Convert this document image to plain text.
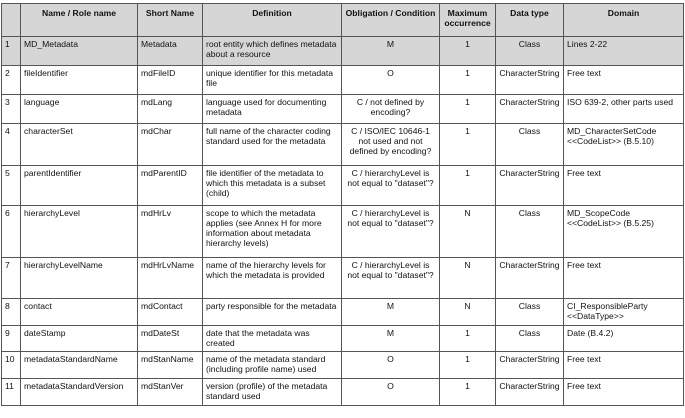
	Name / Role name	Short Name	Definition	Obligation / Condition	Maximum occurrence	Data type	Domain
1	MD_Metadata	Metadata	root entity which defines metadata about a resource	M	1	Class	Lines 2-22
2	fileIdentifier	mdFileID	unique identifier for this metadata file	O	1	CharacterString	Free text
3	language	mdLang	language used for documenting metadata	C / not defined by encoding?	1	CharacterString	ISO 639-2, other parts used
4	characterSet	mdChar	full name of the character coding standard used for the metadata	C / ISO/IEC 10646-1 not used and not defined by encoding?	1	Class	MD_CharacterSetCode <<CodeList>> (B.5.10)
5	parentIdentifier	mdParentID	file identifier of the metadata to which this metadata is a subset (child)	C / hierarchyLevel is not equal to "dataset"?	1	CharacterString	Free text
6	hierarchyLevel	mdHrLv	scope to which the metadata applies (see Annex H for more information about metadata hierarchy levels)	C / hierarchyLevel is not equal to "dataset"?	N	Class	MD_ScopeCode <<CodeList>> (B.5.25)
7	hierarchyLevelName	mdHrLvName	name of the hierarchy levels for which the metadata is provided	C / hierarchyLevel is not equal to "dataset"?	N	CharacterString	Free text
8	contact	mdContact	party responsible for the metadata	M	N	Class	CI_ResponsibleParty <<DataType>>
9	dateStamp	mdDateSt	date that the metadata was created	M	1	Class	Date (B.4.2)
10	metadataStandardName	mdStanName	name of the metadata standard (including profile name) used	O	1	CharacterString	Free text
11	metadataStandardVersion	mdStanVer	version (profile) of the metadata standard used	O	1	CharacterString	Free text
